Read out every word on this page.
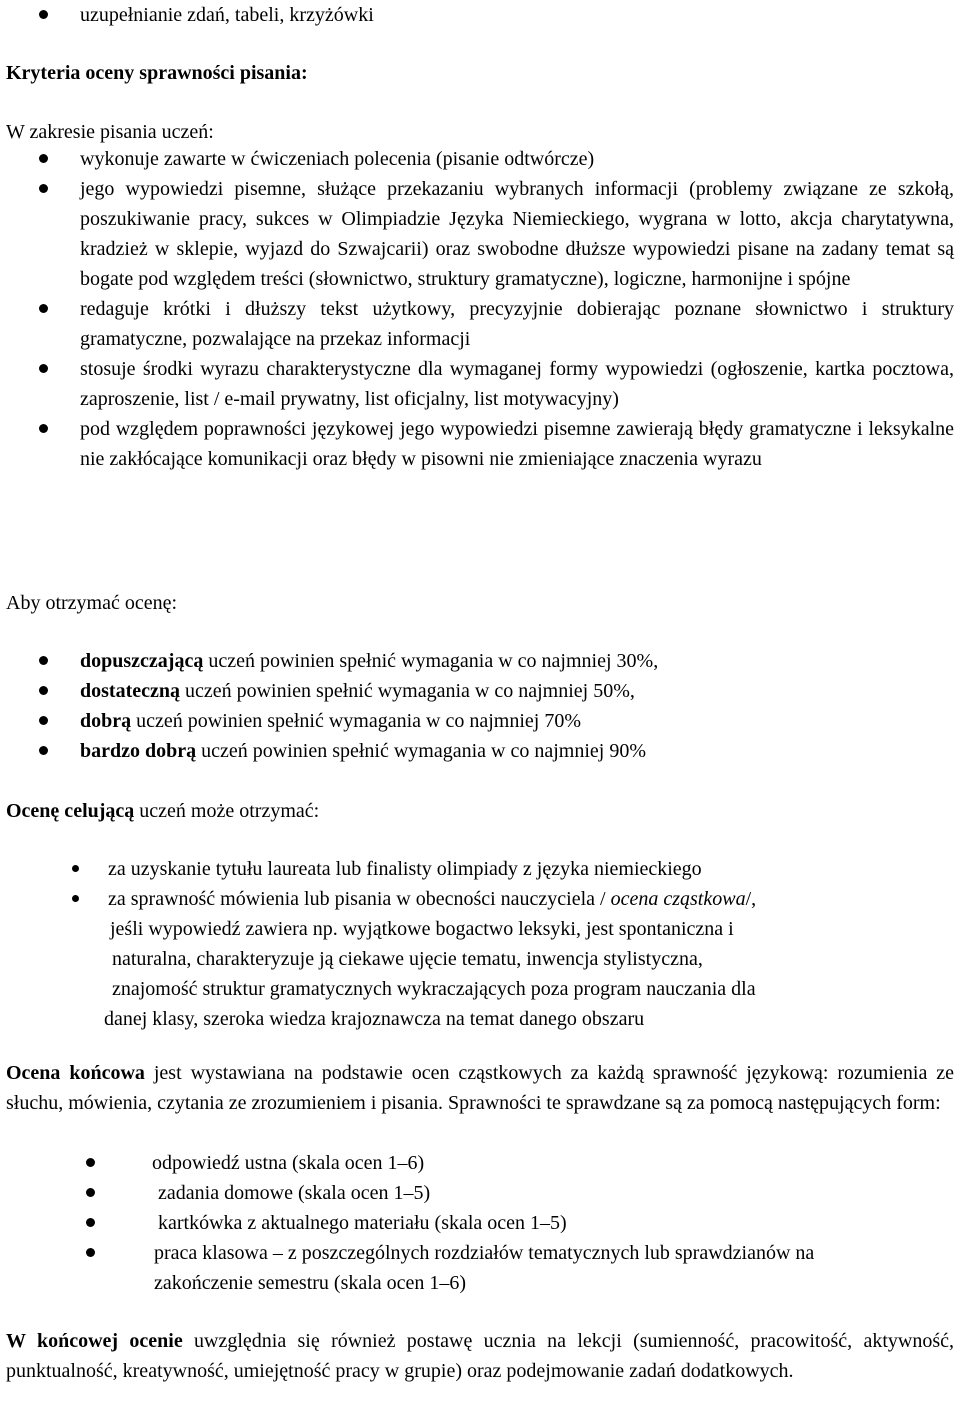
uzupełnianie zdań, tabeli, krzyżówki

Kryteria oceny sprawności pisania:

W zakresie pisania uczeń:

wykonuje zawarte w ćwiczeniach polecenia (pisanie odtwórcze)
jego wypowiedzi pisemne, służące przekazaniu wybranych informacji (problemy związane ze szkołą, poszukiwanie pracy, sukces w Olimpiadzie Języka Niemieckiego, wygrana w lotto, akcja charytatywna, kradzież w sklepie, wyjazd do Szwajcarii) oraz swobodne dłuższe wypowiedzi pisane na zadany temat są bogate pod względem treści (słownictwo, struktury gramatyczne), logiczne, harmonijne i spójne
redaguje krótki i dłuższy tekst użytkowy, precyzyjnie dobierając poznane słownictwo i struktury gramatyczne, pozwalające na przekaz informacji
stosuje środki wyrazu charakterystyczne dla wymaganej formy wypowiedzi (ogłoszenie, kartka pocztowa, zaproszenie, list / e-mail prywatny, list oficjalny, list motywacyjny)
pod względem poprawności językowej jego wypowiedzi pisemne zawierają błędy gramatyczne i leksykalne nie zakłócające komunikacji oraz błędy w pisowni nie zmieniające znaczenia wyrazu

Aby otrzymać ocenę:

dopuszczającą uczeń powinien spełnić wymagania w co najmniej 30%,
dostateczną uczeń powinien spełnić wymagania w co najmniej 50%,
dobrą uczeń powinien spełnić wymagania w co najmniej 70%
bardzo dobrą uczeń powinien spełnić wymagania w co najmniej 90%

Ocenę celującą uczeń może otrzymać:

za uzyskanie tytułu laureata lub finalisty olimpiady z języka niemieckiego
za sprawność mówienia lub pisania w obecności nauczyciela / ocena cząstkowa/,
jeśli wypowiedź zawiera np. wyjątkowe bogactwo leksyki, jest spontaniczna i
naturalna, charakteryzuje ją ciekawe ujęcie tematu, inwencja stylistyczna,
znajomość struktur gramatycznych wykraczających poza program nauczania dla
danej klasy, szeroka wiedza krajoznawcza na temat danego obszaru

Ocena końcowa jest wystawiana na podstawie ocen cząstkowych za każdą sprawność językową: rozumienia ze słuchu, mówienia, czytania ze zrozumieniem i pisania. Sprawności te sprawdzane są za pomocą następujących form:

odpowiedź ustna (skala ocen 1–6)
zadania domowe (skala ocen 1–5)
kartkówka z aktualnego materiału (skala ocen 1–5)
praca klasowa – z poszczególnych rozdziałów tematycznych lub sprawdzianów na zakończenie semestru (skala ocen 1–6)

W końcowej ocenie uwzględnia się również postawę ucznia na lekcji (sumienność, pracowitość, aktywność, punktualność, kreatywność, umiejętność pracy w grupie) oraz podejmowanie zadań dodatkowych.
